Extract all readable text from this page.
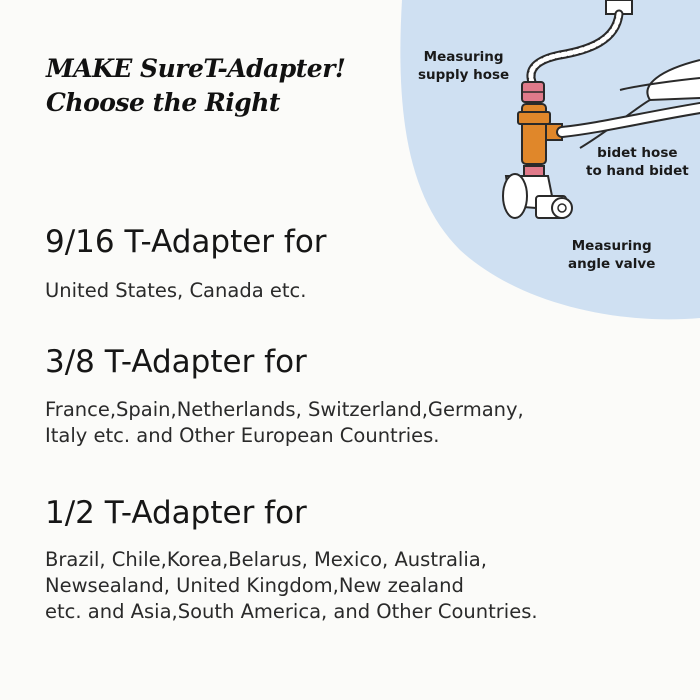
MAKE SureT-Adapter!
Choose the Right
Measuring
supply hose
bidet hose
to hand bidet
Measuring
angle valve
9/16 T-Adapter for
United States, Canada etc.
3/8 T-Adapter for
France,Spain,Netherlands, Switzerland,Germany,
Italy etc. and Other European Countries.
1/2 T-Adapter for
Brazil, Chile,Korea,Belarus, Mexico, Australia,
Newsealand, United Kingdom,New zealand
etc. and Asia,South America, and Other Countries.
